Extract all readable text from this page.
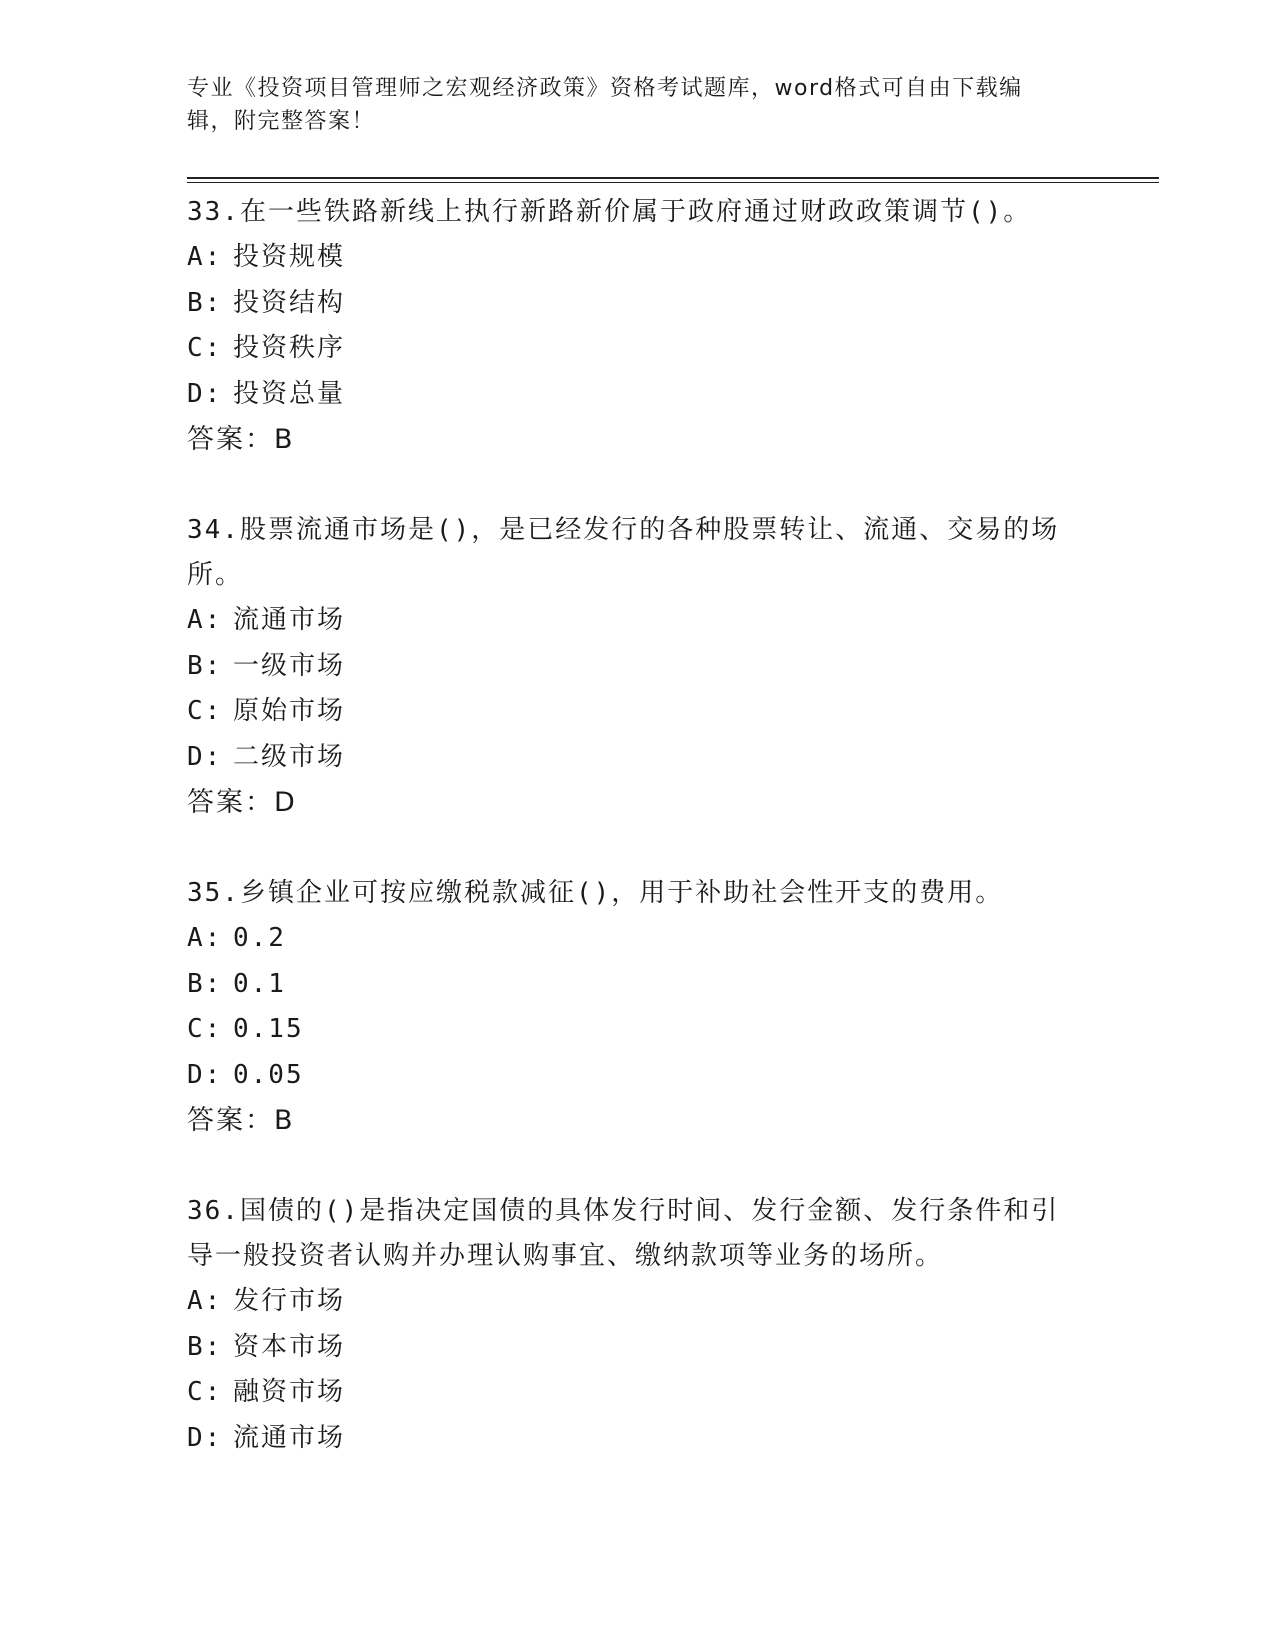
专业《投资项目管理师之宏观经济政策》资格考试题库，word格式可自由下载编辑，附完整答案！
33.在一些铁路新线上执行新路新价属于政府通过财政政策调节()。
A: 投资规模
B: 投资结构
C: 投资秩序
D: 投资总量
答案：B
34.股票流通市场是()，是已经发行的各种股票转让、流通、交易的场所。
A: 流通市场
B: 一级市场
C: 原始市场
D: 二级市场
答案：D
35.乡镇企业可按应缴税款减征()，用于补助社会性开支的费用。
A: 0.2
B: 0.1
C: 0.15
D: 0.05
答案：B
36.国债的()是指决定国债的具体发行时间、发行金额、发行条件和引导一般投资者认购并办理认购事宜、缴纳款项等业务的场所。
A: 发行市场
B: 资本市场
C: 融资市场
D: 流通市场
